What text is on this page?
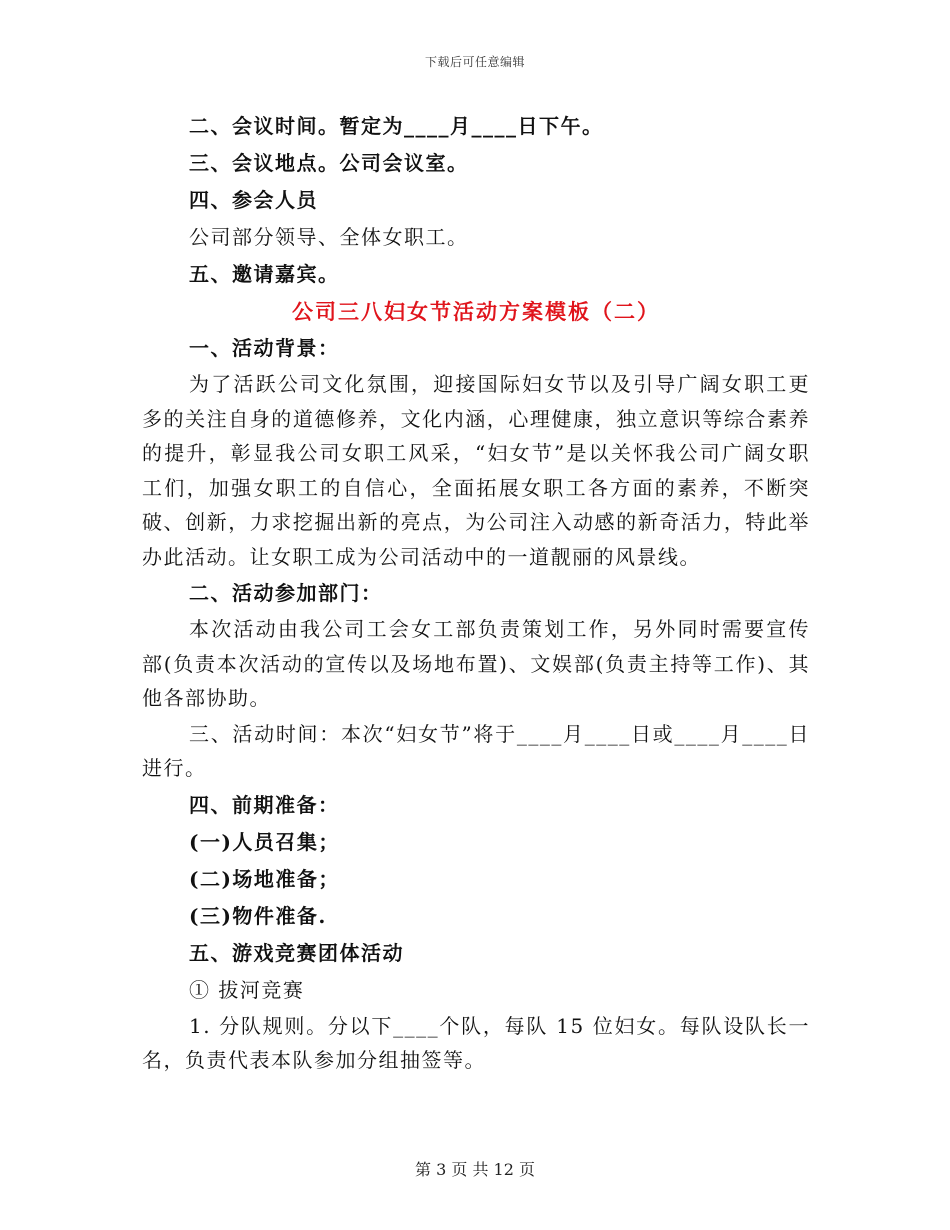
下载后可任意编辑
二、会议时间。暂定为____月____日下午。
三、会议地点。公司会议室。
四、参会人员
公司部分领导、全体女职工。
五、邀请嘉宾。
公司三八妇女节活动方案模板（二）
一、活动背景：
为了活跃公司文化氛围，迎接国际妇女节以及引导广阔女职工更多的关注自身的道德修养，文化内涵，心理健康，独立意识等综合素养的提升，彰显我公司女职工风采，“妇女节”是以关怀我公司广阔女职工们，加强女职工的自信心，全面拓展女职工各方面的素养，不断突破、创新，力求挖掘出新的亮点，为公司注入动感的新奇活力，特此举办此活动。让女职工成为公司活动中的一道靓丽的风景线。
二、活动参加部门：
本次活动由我公司工会女工部负责策划工作，另外同时需要宣传部(负责本次活动的宣传以及场地布置)、文娱部(负责主持等工作)、其他各部协助。
三、活动时间：本次“妇女节”将于____月____日或____月____日进行。
四、前期准备：
(一)人员召集；
(二)场地准备；
(三)物件准备.
五、游戏竞赛团体活动
① 拔河竞赛
1. 分队规则。分以下____个队，每队 15 位妇女。每队设队长一名，负责代表本队参加分组抽签等。
第 3 页 共 12 页
